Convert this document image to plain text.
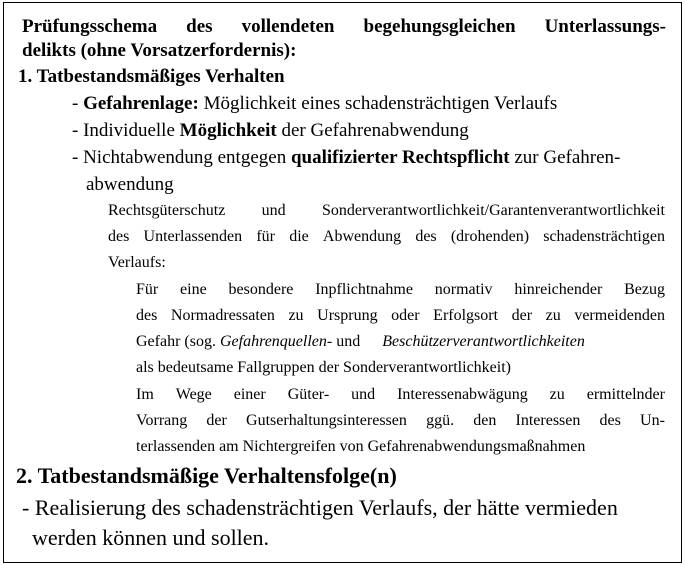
Prüfungsschema des vollendeten begehungsgleichen Unterlassungs-
delikts (ohne Vorsatzerfordernis):
1. Tatbestandsmäßiges Verhalten
- Gefahrenlage: Möglichkeit eines schadensträchtigen Verlaufs
- Individuelle Möglichkeit der Gefahrenabwendung
- Nichtabwendung entgegen qualifizierter Rechtspflicht zur Gefahren-
abwendung
Rechtsgüterschutz und Sonderverantwortlichkeit/Garantenverantwortlichkeit
des Unterlassenden für die Abwendung des (drohenden) schadensträchtigen
Verlaufs:
Für eine besondere Inpflichtnahme normativ hinreichender Bezug
des Normadressaten zu Ursprung oder Erfolgsort der zu vermeidenden
Gefahr (sog. Gefahrenquellen- und Beschützerverantwortlichkeiten
als bedeutsame Fallgruppen der Sonderverantwortlichkeit)
Im Wege einer Güter- und Interessenabwägung zu ermittelnder
Vorrang der Gutserhaltungsinteressen ggü. den Interessen des Un-
terlassenden am Nichtergreifen von Gefahrenabwendungsmaßnahmen
2. Tatbestandsmäßige Verhaltensfolge(n)
- Realisierung des schadensträchtigen Verlaufs, der hätte vermieden
werden können und sollen.
